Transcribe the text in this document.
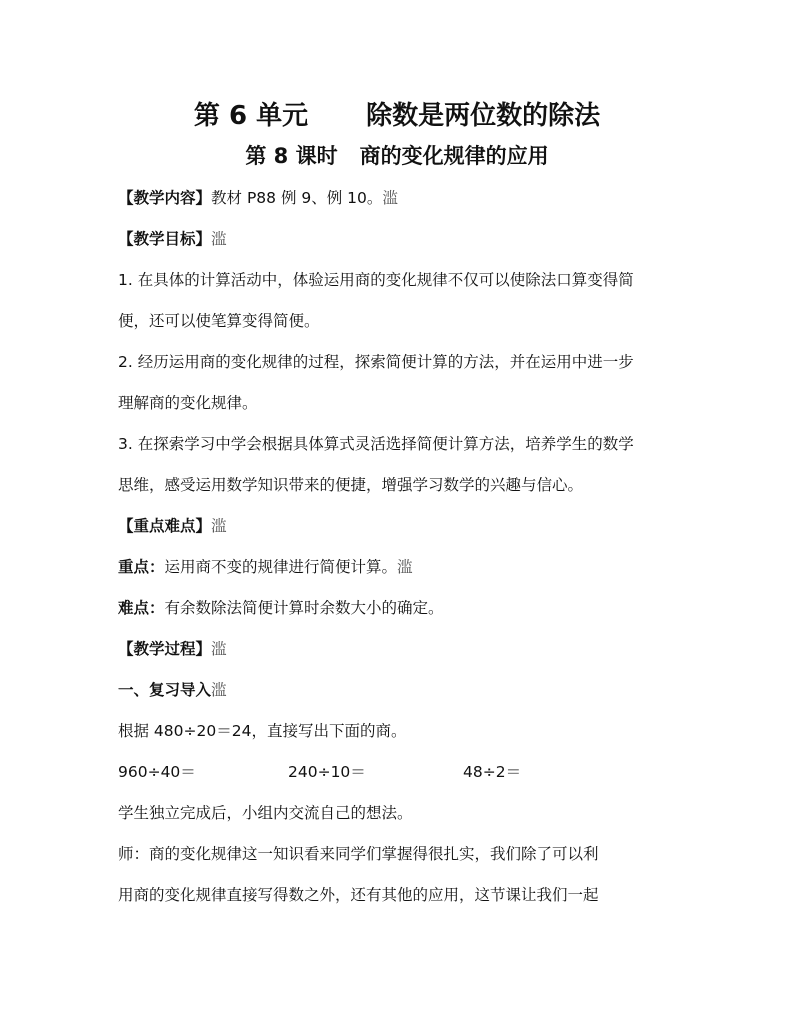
第 6 单元 除数是两位数的除法
第 8 课时 商的变化规律的应用
【教学内容】教材 P88 例 9、例 10。滥
【教学目标】滥
1. 在具体的计算活动中，体验运用商的变化规律不仅可以使除法口算变得简
便，还可以使笔算变得简便。
2. 经历运用商的变化规律的过程，探索简便计算的方法，并在运用中进一步
理解商的变化规律。
3. 在探索学习中学会根据具体算式灵活选择简便计算方法，培养学生的数学
思维，感受运用数学知识带来的便捷，增强学习数学的兴趣与信心。
【重点难点】滥
重点：运用商不变的规律进行简便计算。滥
难点：有余数除法简便计算时余数大小的确定。
【教学过程】滥
一、复习导入滥
根据 480÷20＝24，直接写出下面的商。
960÷40＝	240÷10＝	48÷2＝
学生独立完成后，小组内交流自己的想法。
师：商的变化规律这一知识看来同学们掌握得很扎实，我们除了可以利
用商的变化规律直接写得数之外，还有其他的应用，这节课让我们一起
